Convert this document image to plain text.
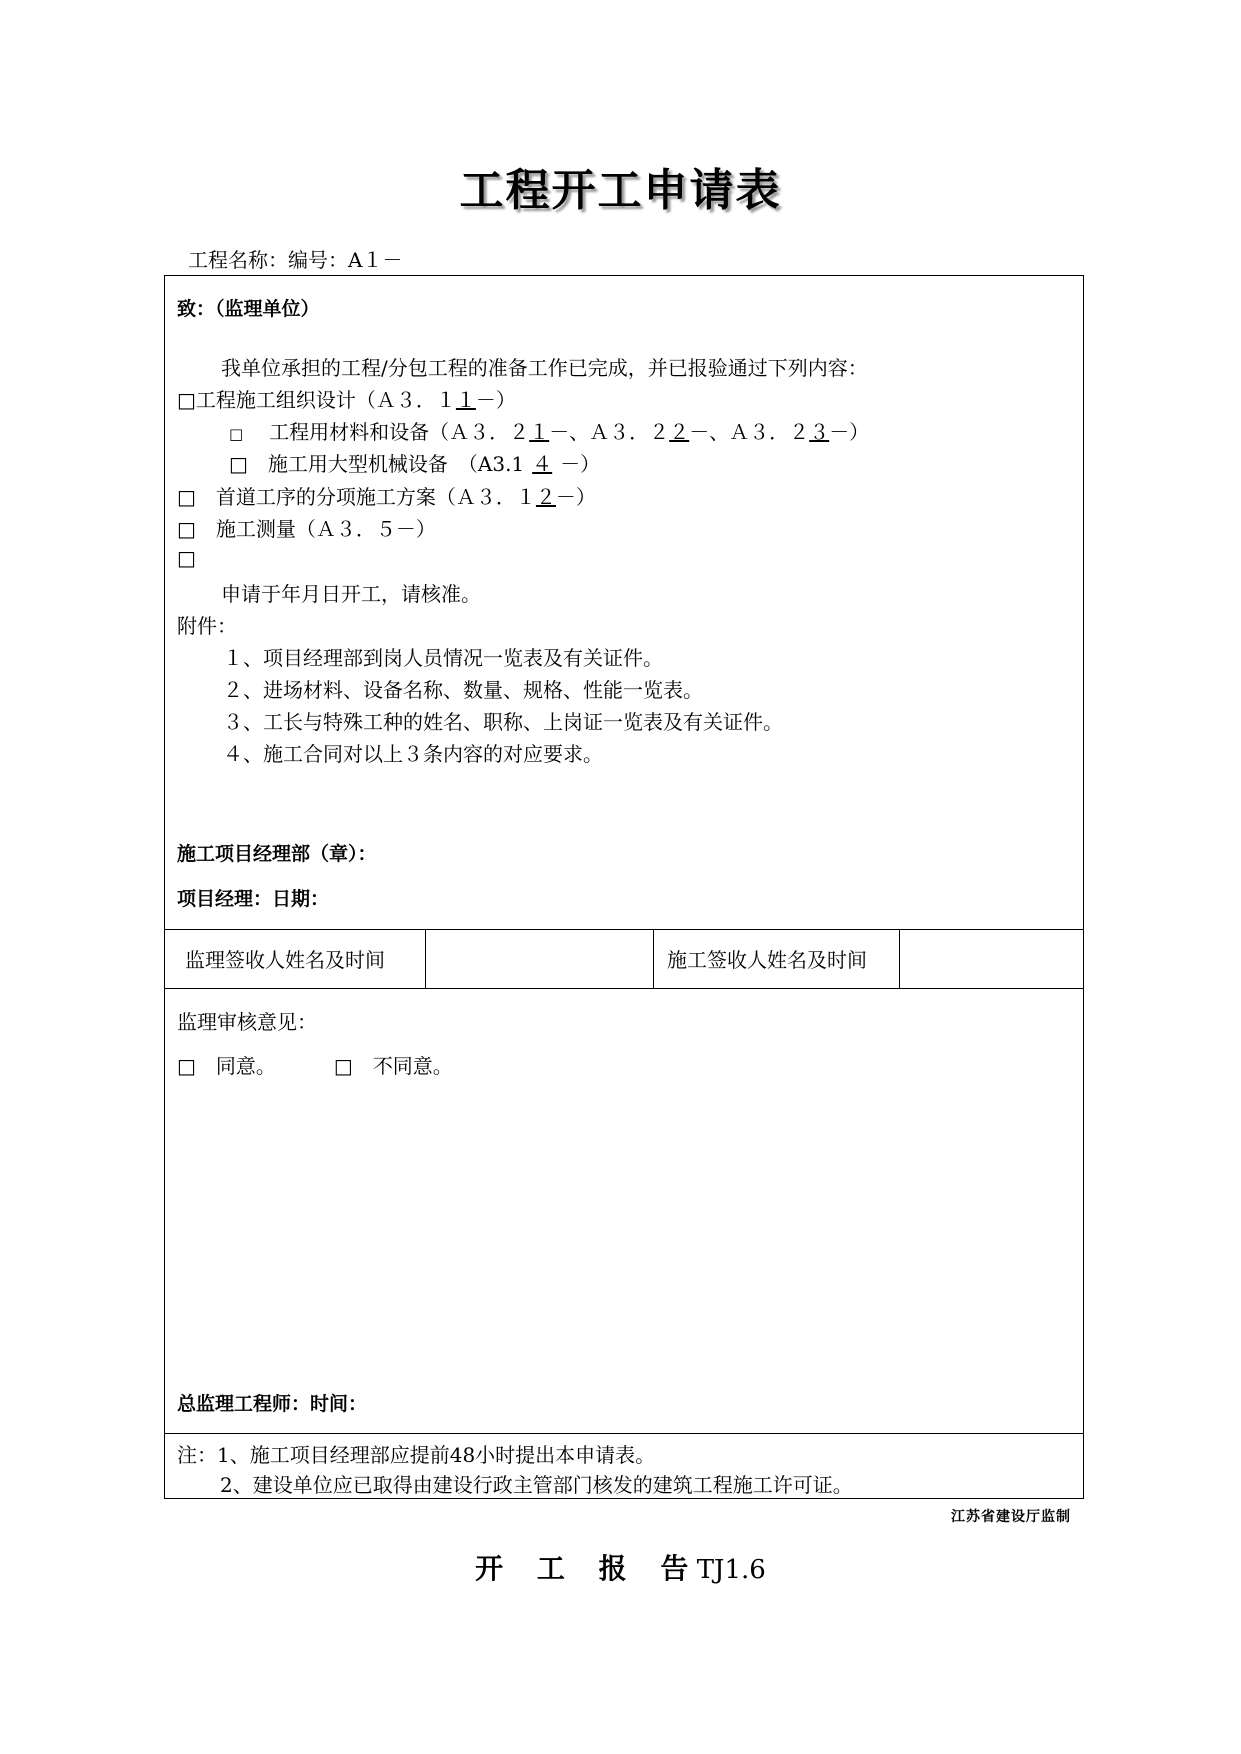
工程开工申请表
工程名称：编号：A１－
致：（监理单位）
我单位承担的工程/分包工程的准备工作已完成，并已报验通过下列内容：
□工程施工组织设计（Ａ３．１１－）
□ 工程用材料和设备（Ａ３．２１－、Ａ３．２２－、Ａ３．２３－）
□ 施工用大型机械设备　（A3.1 ４ －）
□ 首道工序的分项施工方案（Ａ３．１２－）
□ 施工测量（Ａ３．５－）
□
申请于年月日开工，请核准。
附件：
１、项目经理部到岗人员情况一览表及有关证件。
２、进场材料、设备名称、数量、规格、性能一览表。
３、工长与特殊工种的姓名、职称、上岗证一览表及有关证件。
４、施工合同对以上３条内容的对应要求。
施工项目经理部（章）：
项目经理：日期：
监理签收人姓名及时间	施工签收人姓名及时间
监理审核意见：
□ 同意。	□ 不同意。
总监理工程师：时间：
注：1、施工项目经理部应提前48小时提出本申请表。
2、建设单位应已取得由建设行政主管部门核发的建筑工程施工许可证。
江苏省建设厅监制
开 工 报 告 TJ1.6
